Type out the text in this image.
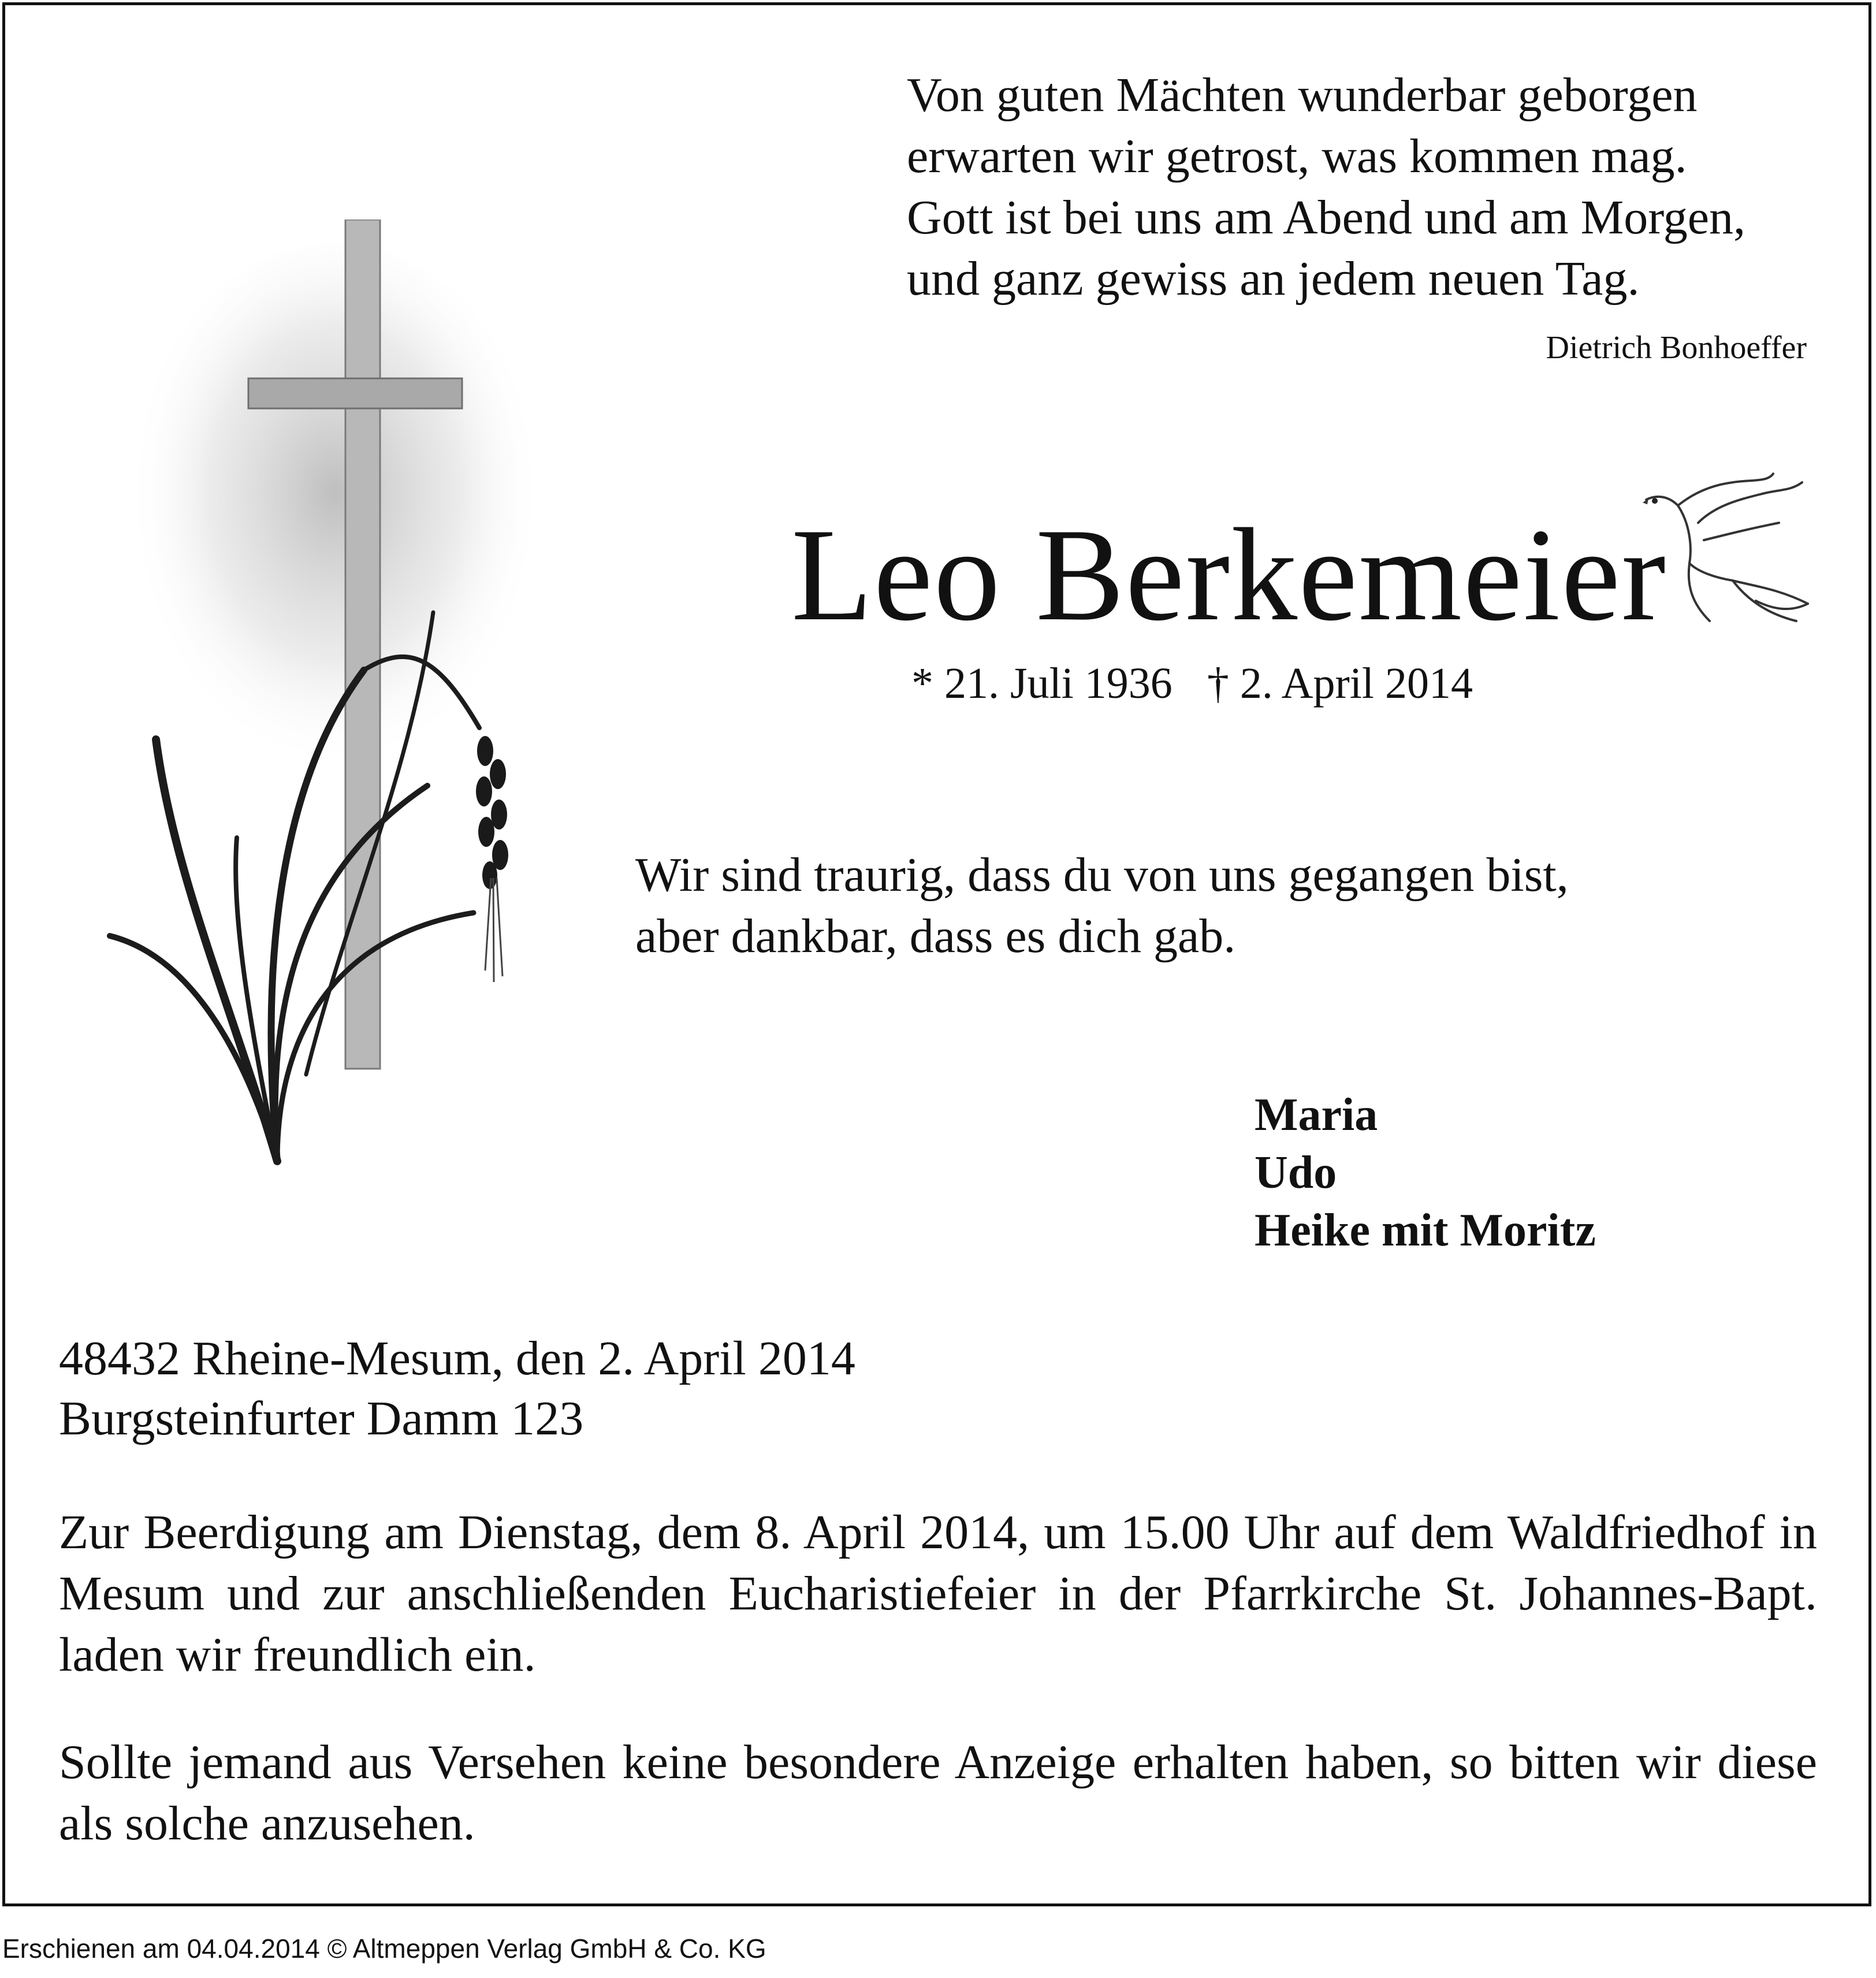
Von guten Mächten wunderbar geborgen
erwarten wir getrost, was kommen mag.
Gott ist bei uns am Abend und am Morgen,
und ganz gewiss an jedem neuen Tag.
Dietrich Bonhoeffer
Leo Berkemeier
* 21. Juli 1936 † 2. April 2014
Wir sind traurig, dass du von uns gegangen bist,
aber dankbar, dass es dich gab.
Maria
Udo
Heike mit Moritz
48432 Rheine-Mesum, den 2. April 2014
Burgsteinfurter Damm 123

Zur Beerdigung am Dienstag, dem 8. April 2014, um 15.00 Uhr auf dem Waldfriedhof in Mesum und zur anschließenden Eucharistiefeier in der Pfarrkirche St. Johannes-Bapt. laden wir freundlich ein.

Sollte jemand aus Versehen keine besondere Anzeige erhalten haben, so bitten wir diese als solche anzusehen.

Erschienen am 04.04.2014 © Altmeppen Verlag GmbH & Co. KG
